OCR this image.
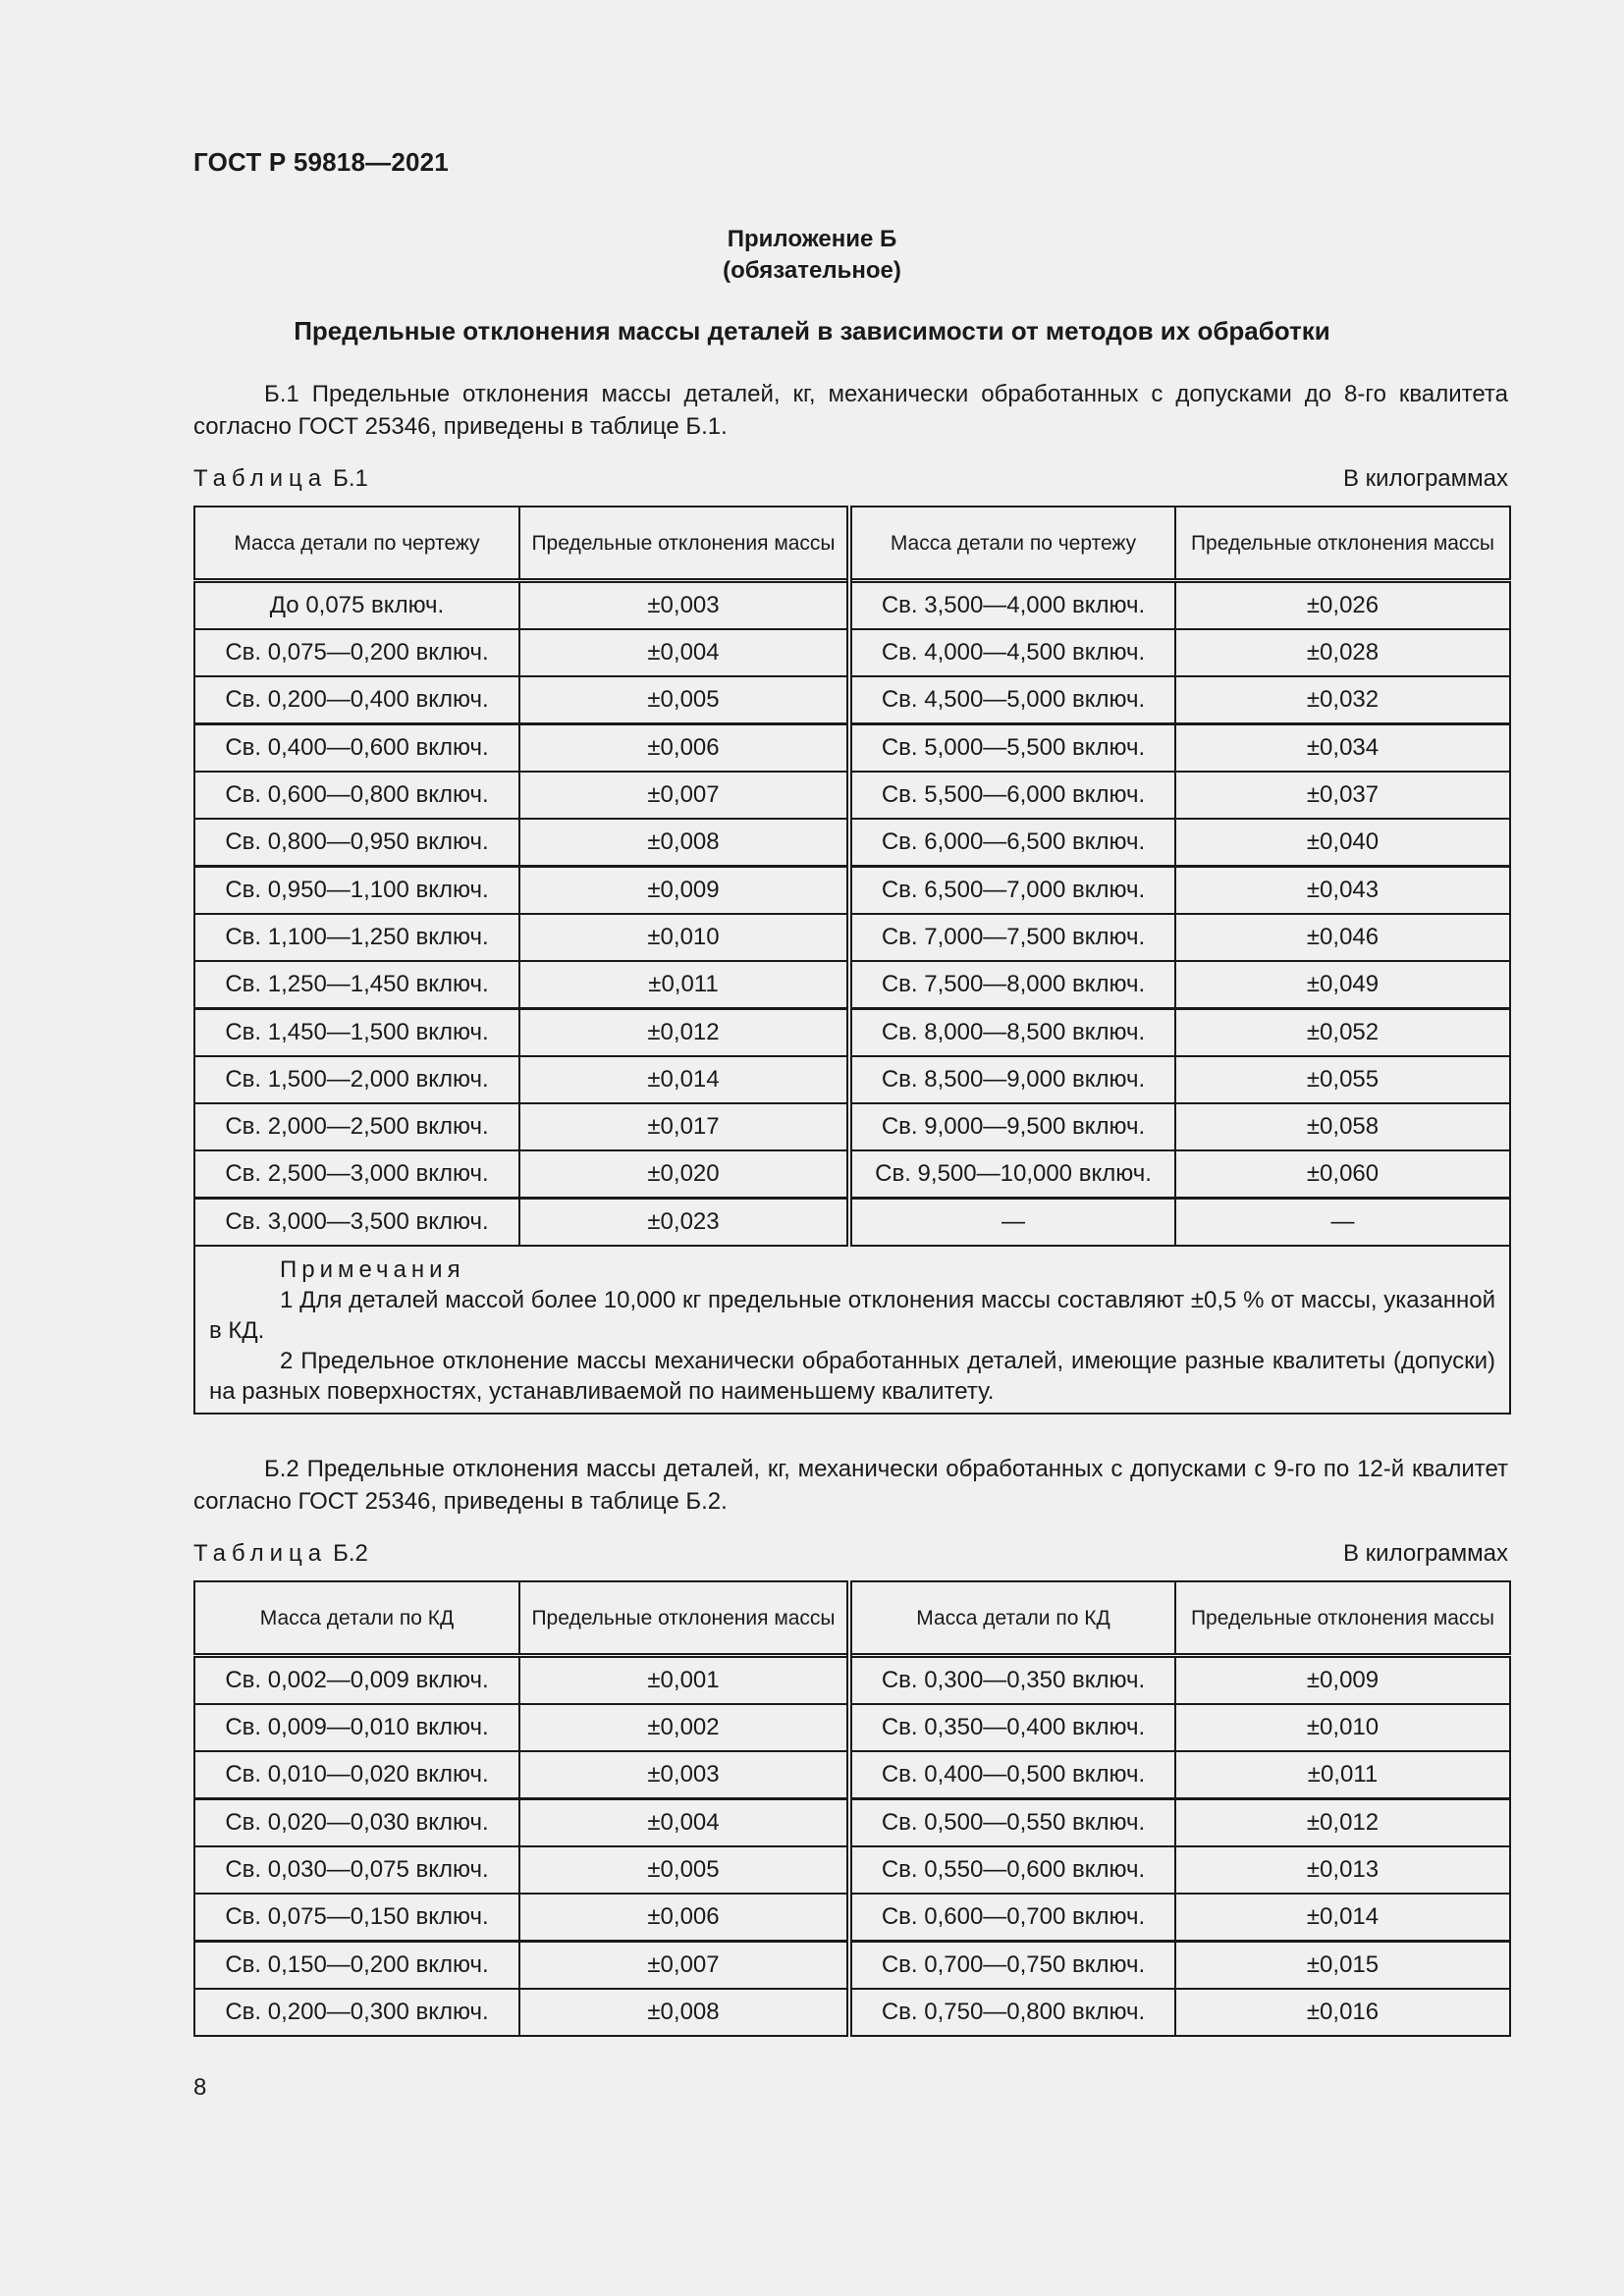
ГОСТ Р 59818—2021
Приложение Б
(обязательное)
Предельные отклонения массы деталей в зависимости от методов их обработки
Б.1 Предельные отклонения массы деталей, кг, механически обработанных с допусками до 8-го квалитета согласно ГОСТ 25346, приведены в таблице Б.1.
Таблица Б.1	В килограммах
Масса детали по чертежу	Предельные отклонения массы	Масса детали по чертежу	Предельные отклонения массы
До 0,075 включ.	±0,003	Св. 3,500—4,000 включ.	±0,026
Св. 0,075—0,200 включ.	±0,004	Св. 4,000—4,500 включ.	±0,028
Св. 0,200—0,400 включ.	±0,005	Св. 4,500—5,000 включ.	±0,032
Св. 0,400—0,600 включ.	±0,006	Св. 5,000—5,500 включ.	±0,034
Св. 0,600—0,800 включ.	±0,007	Св. 5,500—6,000 включ.	±0,037
Св. 0,800—0,950 включ.	±0,008	Св. 6,000—6,500 включ.	±0,040
Св. 0,950—1,100 включ.	±0,009	Св. 6,500—7,000 включ.	±0,043
Св. 1,100—1,250 включ.	±0,010	Св. 7,000—7,500 включ.	±0,046
Св. 1,250—1,450 включ.	±0,011	Св. 7,500—8,000 включ.	±0,049
Св. 1,450—1,500 включ.	±0,012	Св. 8,000—8,500 включ.	±0,052
Св. 1,500—2,000 включ.	±0,014	Св. 8,500—9,000 включ.	±0,055
Св. 2,000—2,500 включ.	±0,017	Св. 9,000—9,500 включ.	±0,058
Св. 2,500—3,000 включ.	±0,020	Св. 9,500—10,000 включ.	±0,060
Св. 3,000—3,500 включ.	±0,023	—	—

Примечания
1 Для деталей массой более 10,000 кг предельные отклонения массы составляют ±0,5 % от массы, указанной в КД.
2 Предельное отклонение массы механически обработанных деталей, имеющие разные квалитеты (допуски) на разных поверхностях, устанавливаемой по наименьшему квалитету.			
Б.2 Предельные отклонения массы деталей, кг, механически обработанных с допусками с 9-го по 12-й квалитет согласно ГОСТ 25346, приведены в таблице Б.2.
Таблица Б.2	В килограммах
Масса детали по КД	Предельные отклонения массы	Масса детали по КД	Предельные отклонения массы
Св. 0,002—0,009 включ.	±0,001	Св. 0,300—0,350 включ.	±0,009
Св. 0,009—0,010 включ.	±0,002	Св. 0,350—0,400 включ.	±0,010
Св. 0,010—0,020 включ.	±0,003	Св. 0,400—0,500 включ.	±0,011
Св. 0,020—0,030 включ.	±0,004	Св. 0,500—0,550 включ.	±0,012
Св. 0,030—0,075 включ.	±0,005	Св. 0,550—0,600 включ.	±0,013
Св. 0,075—0,150 включ.	±0,006	Св. 0,600—0,700 включ.	±0,014
Св. 0,150—0,200 включ.	±0,007	Св. 0,700—0,750 включ.	±0,015
Св. 0,200—0,300 включ.	±0,008	Св. 0,750—0,800 включ.	±0,016
8
